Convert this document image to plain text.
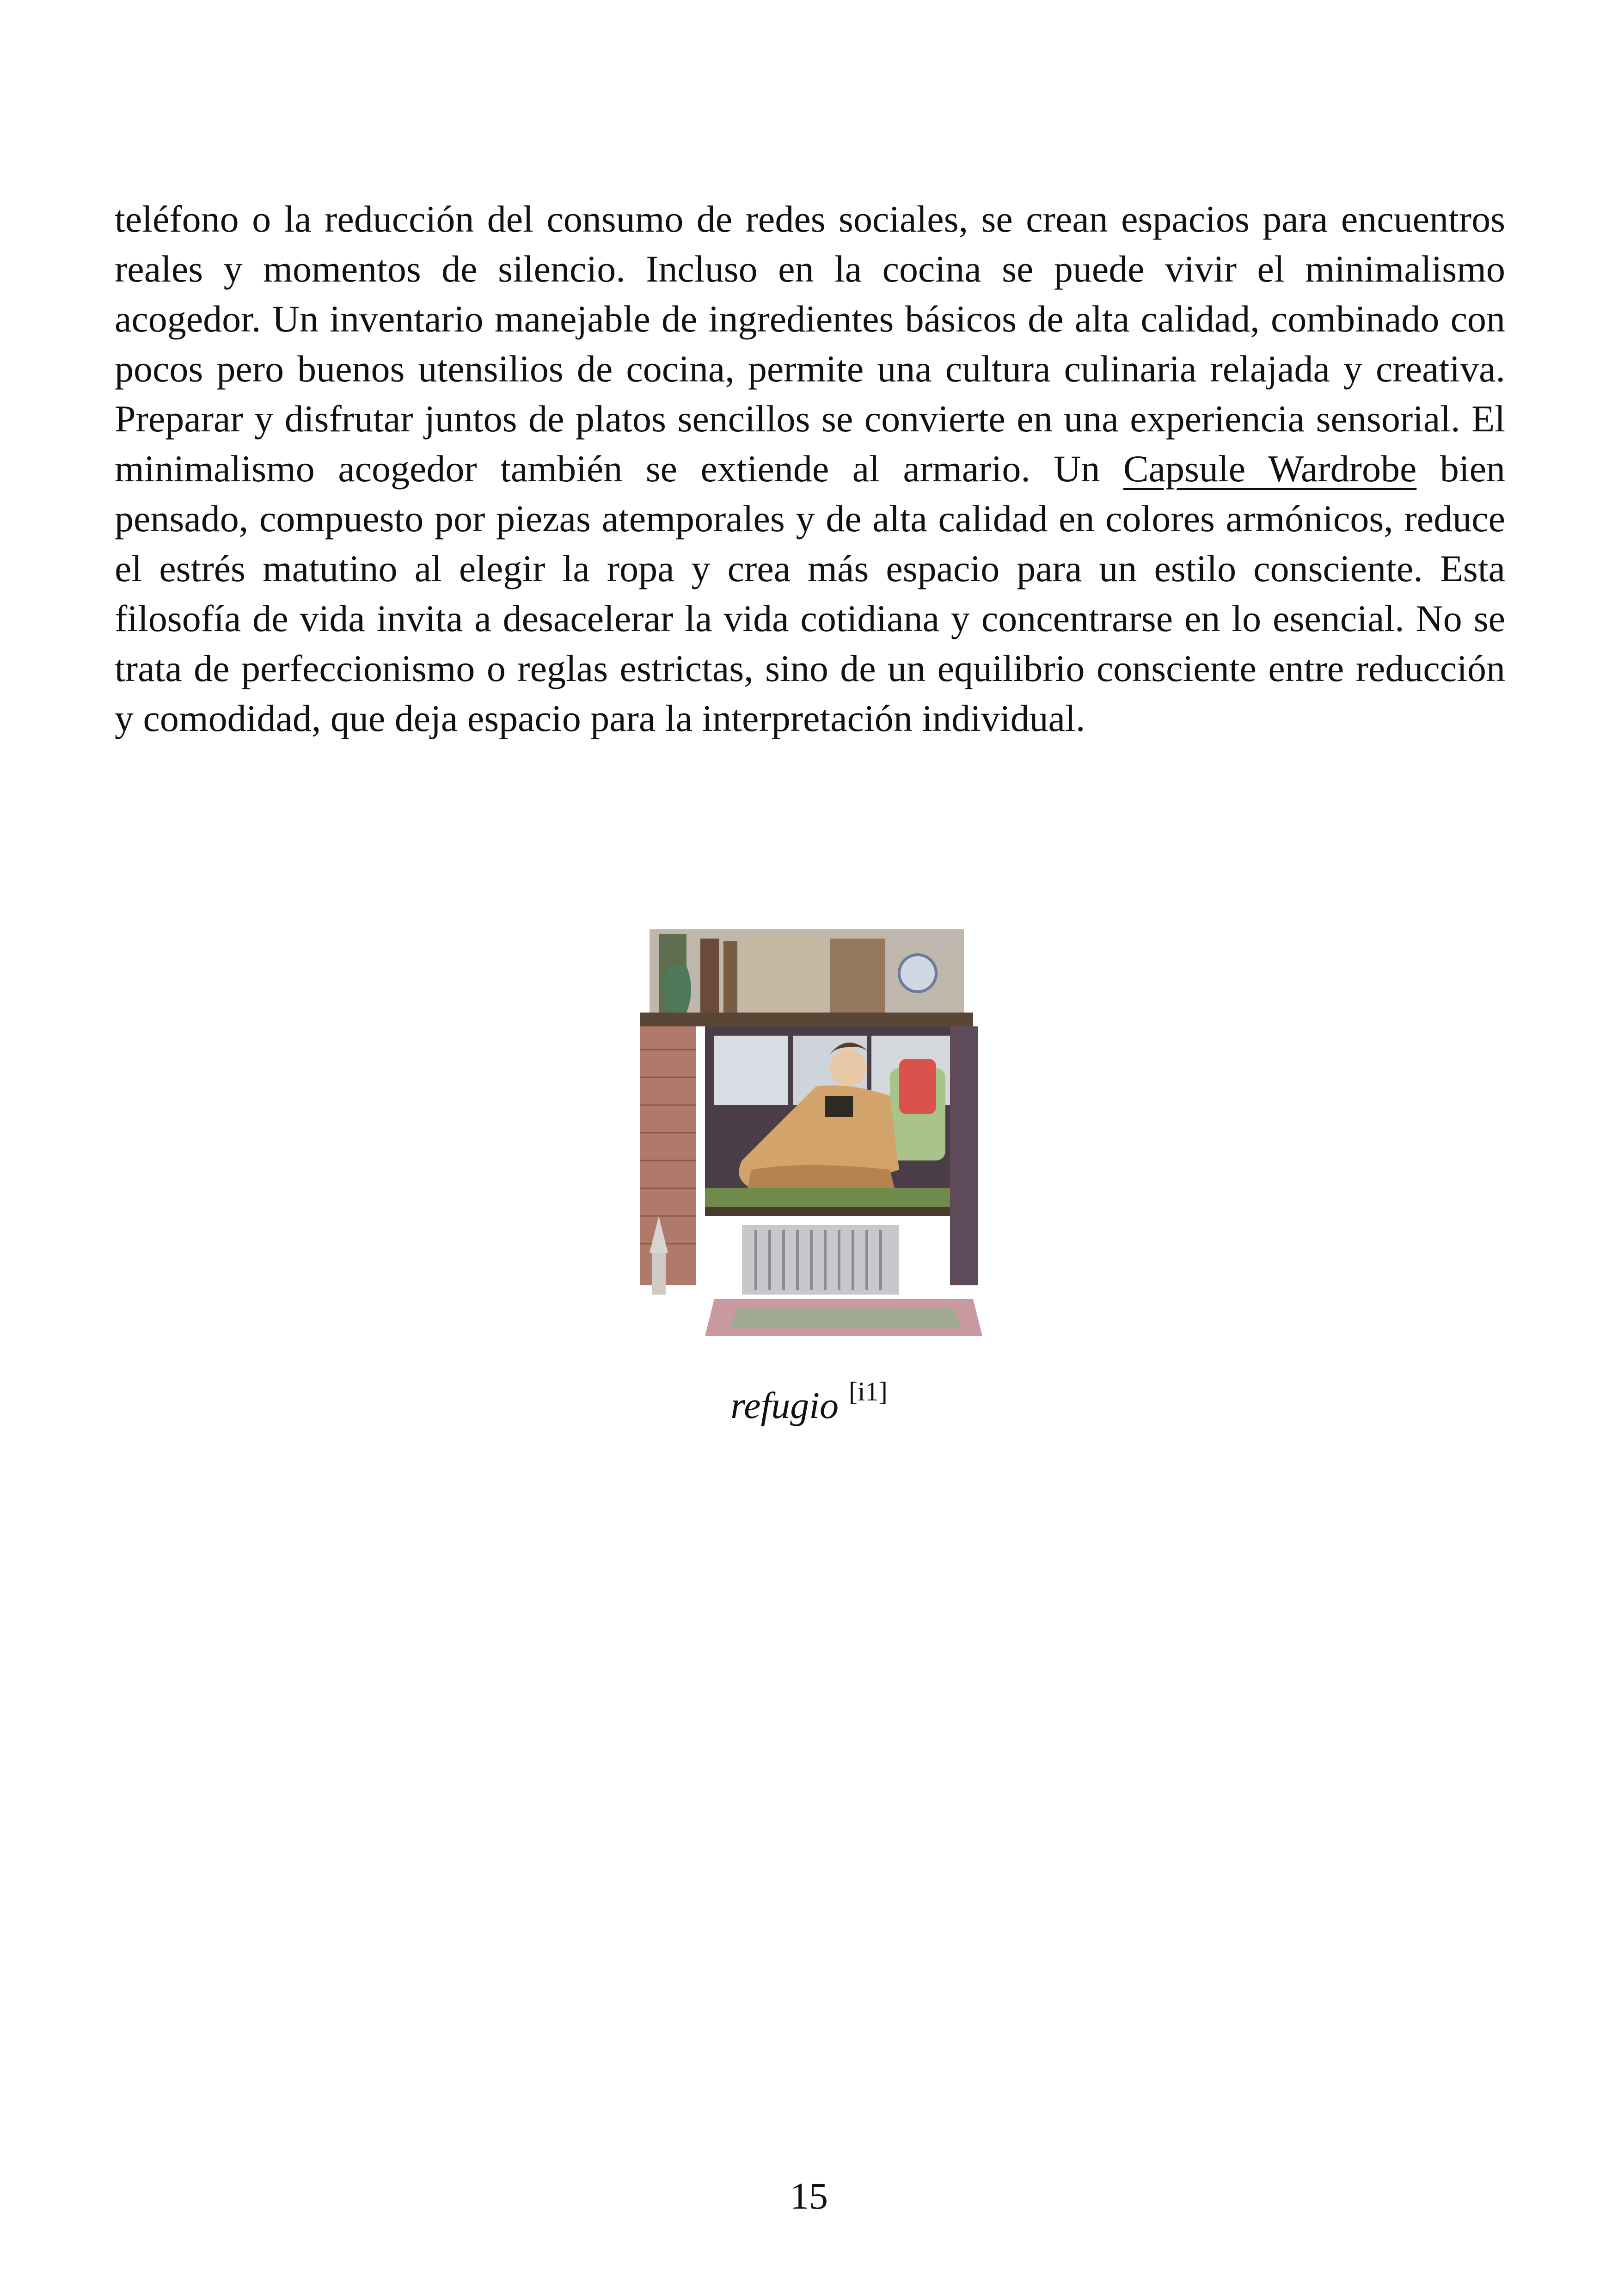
teléfono o la reducción del consumo de redes sociales, se crean espacios para encuentros reales y momentos de silencio. Incluso en la cocina se puede vivir el minimalismo acogedor. Un inventario manejable de ingredientes básicos de alta calidad, combinado con pocos pero buenos utensilios de cocina, permite una cultura culinaria relajada y creativa. Preparar y disfrutar juntos de platos sencillos se convierte en una experiencia sensorial. El minimalismo acogedor también se extiende al armario. Un Capsule Wardrobe bien pensado, compuesto por piezas atemporales y de alta calidad en colores armónicos, reduce el estrés matutino al elegir la ropa y crea más espacio para un estilo consciente. Esta filosofía de vida invita a desacelerar la vida cotidiana y concentrarse en lo esencial. No se trata de perfeccionismo o reglas estrictas, sino de un equilibrio consciente entre reducción y comodidad, que deja espacio para la interpretación individual.

refugio [i1]
15
